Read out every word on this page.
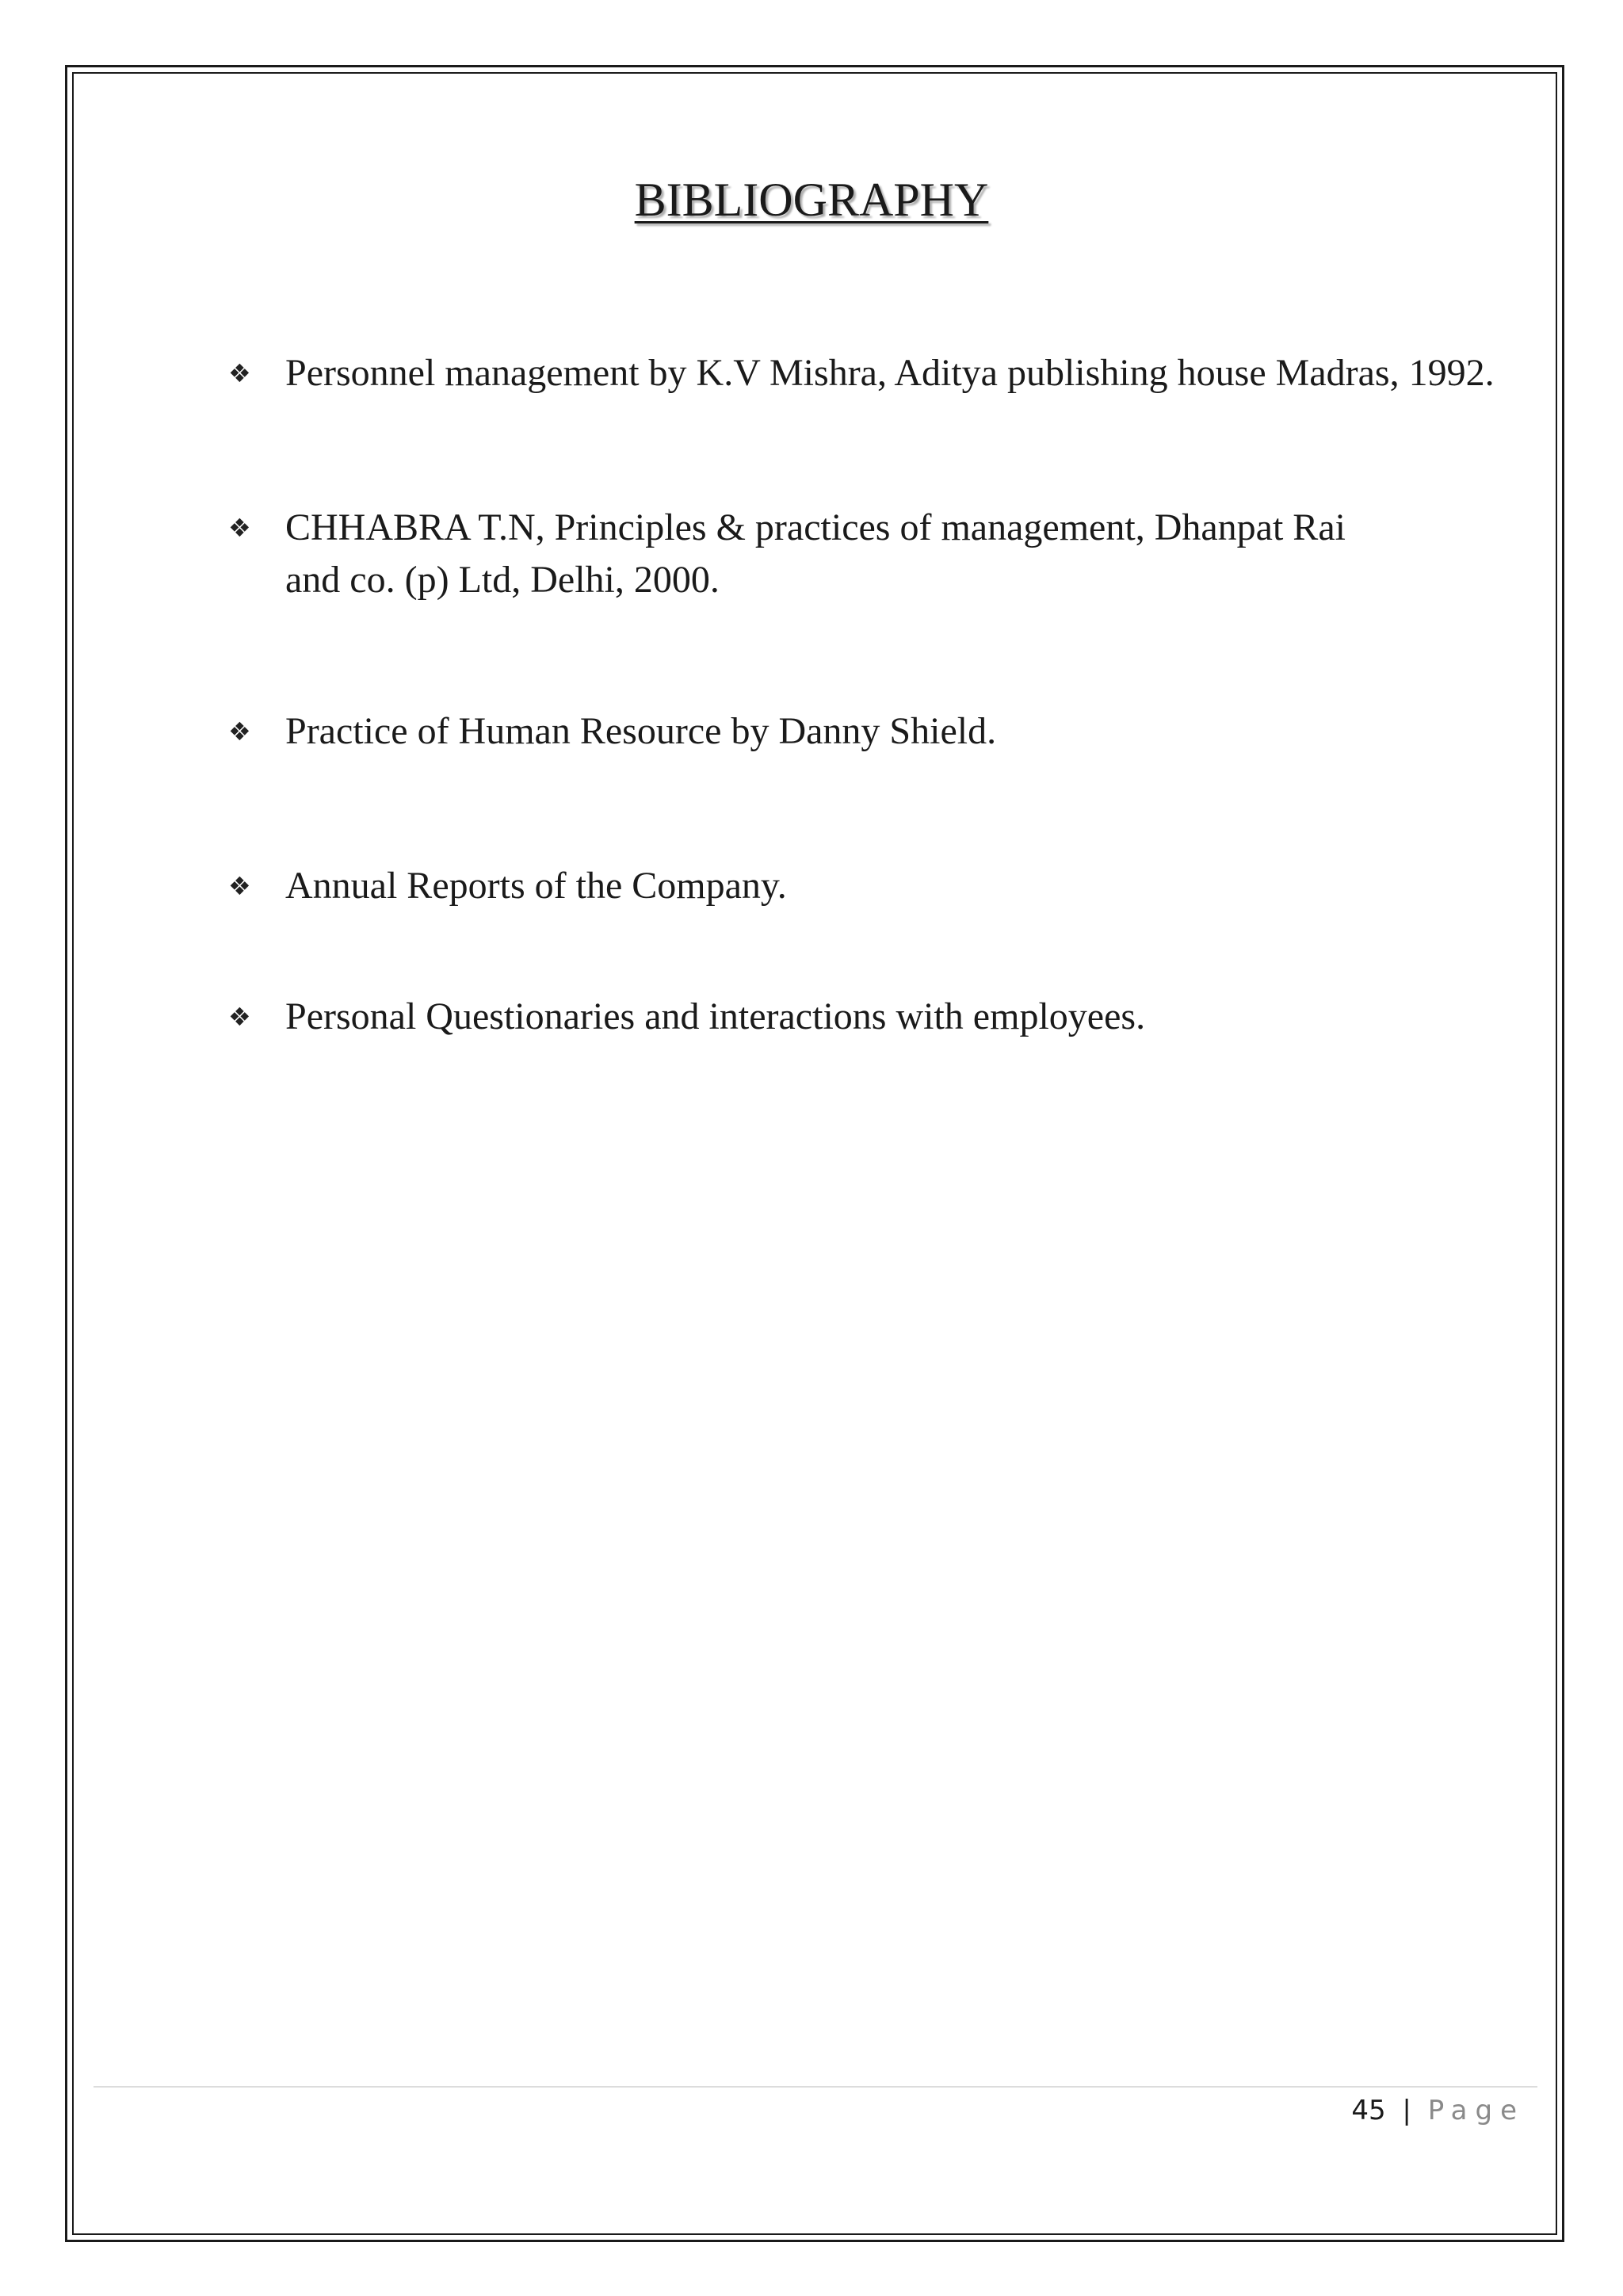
BIBLIOGRAPHY
❖ Personnel management by K.V Mishra, Aditya publishing house Madras, 1992.
❖ CHHABRA T.N, Principles & practices of management, Dhanpat Rai
and co. (p) Ltd, Delhi, 2000.
❖ Practice of Human Resource by Danny Shield.
❖ Annual Reports of the Company.
❖ Personal Questionaries and interactions with employees.
45 | Page
